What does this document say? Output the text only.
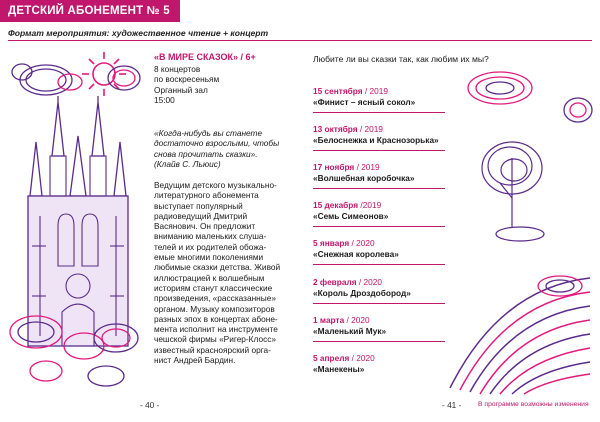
ДЕТСКИЙ АБОНЕМЕНТ № 5
Формат мероприятия: художественное чтение + концерт
«В МИРЕ СКАЗОК» / 6+
8 концертов
по воскресеньям
Органный зал
15:00
«Когда-нибудь вы станете
достаточно взрослыми, чтобы
снова прочитать сказки».
(Клайв С. Льюис)
Ведущим детского музыкально-
литературного абонемента
выступает популярный
радиоведущий Дмитрий
Васянович. Он предложит
вниманию маленьких слуша-
телей и их родителей обожа-
емые многими поколениями
любимые сказки детства. Живой
иллюстрацией к волшебным
историям станут классические
произведения, «рассказанные»
органом. Музыку композиторов
разных эпох в концертах абоне-
мента исполнит на инструменте
чешской фирмы «Ригер-Клосс»
известный красноярский орга-
нист Андрей Бардин.
Любите ли вы сказки так, как любим их мы?
15 сентября / 2019
«Финист – ясный сокол»
13 октября / 2019
«Белоснежка и Краснозорька»
17 ноября / 2019
«Волшебная коробочка»
15 декабря /2019
«Семь Симеонов»
5 января / 2020
«Снежная королева»
2 февраля / 2020
«Король Дроздобород»
1 марта / 2020
«Маленький Мук»
5 апреля / 2020
«Манекены»
- 40 -	- 41 - В программе возможны изменения
